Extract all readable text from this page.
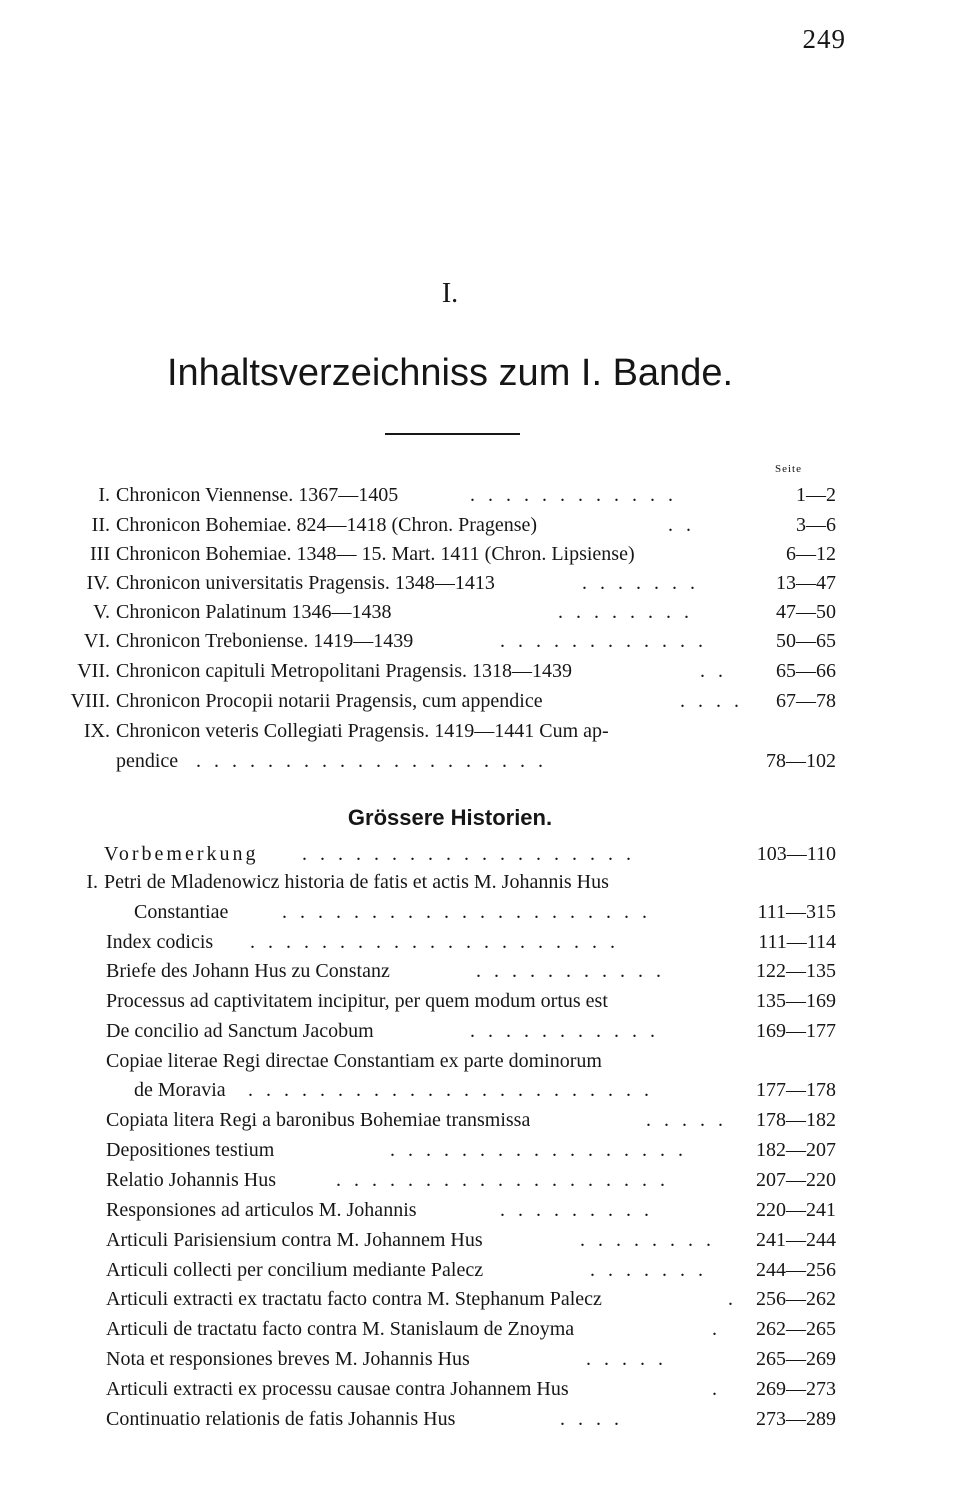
249
I.
Inhaltsverzeichniss zum I. Bande.
Seite
I. Chronicon Viennense. 1367—1405	. . . . . . . . . . . .	1—2
II. Chronicon Bohemiae. 824—1418 (Chron. Pragense)	. .	3—6
III Chronicon Bohemiae. 1348— 15. Mart. 1411 (Chron. Lipsiense)	6—12
IV. Chronicon universitatis Pragensis. 1348—1413	. . . . . . .	13—47
V. Chronicon Palatinum 1346—1438	. . . . . . . .	47—50
VI. Chronicon Treboniense. 1419—1439	. . . . . . . . . . . .	50—65
VII. Chronicon capituli Metropolitani Pragensis. 1318—1439	. .	65—66
VIII. Chronicon Procopii notarii Pragensis, cum appendice	. . . .	67—78
IX. Chronicon veteris Collegiati Pragensis. 1419—1441 Cum ap-
pendice . . . . . . . . . . . . . . . . . . . .	78—102
Grössere Historien.
Vorbemerkung	. . . . . . . . . . . . . . . . . . .	103—110
I. Petri de Mladenowicz historia de fatis et actis M. Johannis Hus
Constantiae	. . . . . . . . . . . . . . . . . . . . .	111—315
Index codicis	. . . . . . . . . . . . . . . . . . . . .	111—114
Briefe des Johann Hus zu Constanz	. . . . . . . . . . .	122—135
Processus ad captivitatem incipitur, per quem modum ortus est	135—169
De concilio ad Sanctum Jacobum	. . . . . . . . . . .	169—177
Copiae literae Regi directae Constantiam ex parte dominorum
de Moravia	. . . . . . . . . . . . . . . . . . . . . . .	177—178
Copiata litera Regi a baronibus Bohemiae transmissa	. . . . . 178—182
Depositiones testium	. . . . . . . . . . . . . . . . .	182—207
Relatio Johannis Hus	. . . . . . . . . . . . . . . . . . .	207—220
Responsiones ad articulos M. Johannis	. . . . . . . . .	220—241
Articuli Parisiensium contra M. Johannem Hus	. . . . . . . .	241—244
Articuli collecti per concilium mediante Palecz	. . . . . . .	244—256
Articuli extracti ex tractatu facto contra M. Stephanum Palecz	. 256—262
Articuli de tractatu facto contra M. Stanislaum de Znoyma	.	262—265
Nota et responsiones breves M. Johannis Hus	. . . . .	265—269
Articuli extracti ex processu causae contra Johannem Hus	.	269—273
Continuatio relationis de fatis Johannis Hus	. . . .	273—289
